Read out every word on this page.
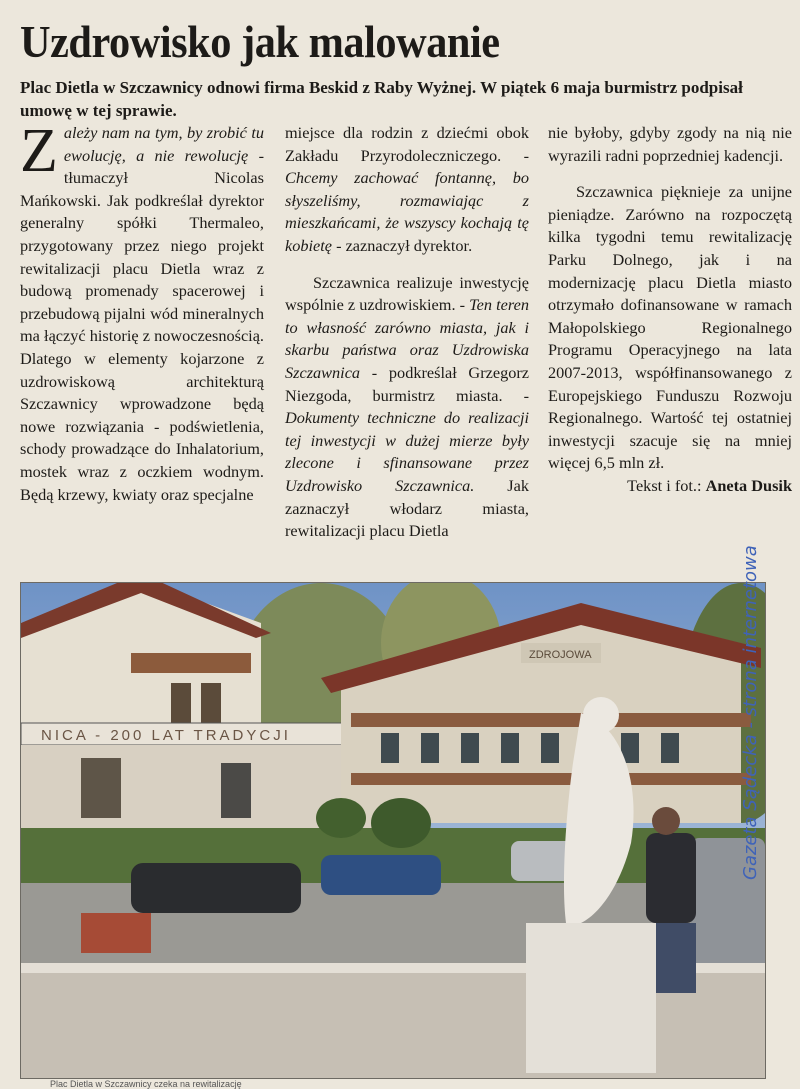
Uzdrowisko jak malowanie

Plac Dietla w Szczawnicy odnowi firma Beskid z Raby Wyżnej. W piątek 6 maja burmistrz podpisał umowę w tej sprawie.

Zależy nam na tym, by zrobić tu ewolucję, a nie rewolucję - tłumaczył Nicolas Mańkowski. Jak podkreślał dyrektor generalny spółki Thermaleo, przygotowany przez niego projekt rewitalizacji placu Dietla wraz z budową promenady spacerowej i przebudową pijalni wód mineralnych ma łączyć historię z nowoczesnością. Dlatego w elementy kojarzone z uzdrowiskową architekturą Szczawnicy wprowadzone będą nowe rozwiązania - podświetlenia, schody prowadzące do Inhalatorium, mostek wraz z oczkiem wodnym. Będą krzewy, kwiaty oraz specjalne

miejsce dla rodzin z dziećmi obok Zakładu Przyrodoleczniczego. - Chcemy zachować fontannę, bo słyszeliśmy, rozmawiając z mieszkańcami, że wszyscy kochają tę kobietę - zaznaczył dyrektor.

Szczawnica realizuje inwestycję wspólnie z uzdrowiskiem. - Ten teren to własność zarówno miasta, jak i skarbu państwa oraz Uzdrowiska Szczawnica - podkreślał Grzegorz Niezgoda, burmistrz miasta. - Dokumenty techniczne do realizacji tej inwestycji w dużej mierze były zlecone i sfinansowane przez Uzdrowisko Szczawnica. Jak zaznaczył włodarz miasta, rewitalizacji placu Dietla

nie byłoby, gdyby zgody na nią nie wyrazili radni poprzedniej kadencji.

Szczawnica pięknieje za unijne pieniądze. Zarówno na rozpoczętą kilka tygodni temu rewitalizację Parku Dolnego, jak i na modernizację placu Dietla miasto otrzymało dofinansowane w ramach Małopolskiego Regionalnego Programu Operacyjnego na lata 2007-2013, współfinansowanego z Europejskiego Funduszu Rozwoju Regionalnego. Wartość tej ostatniej inwestycji szacuje się na mniej więcej 6,5 mln zł.

Tekst i fot.: Aneta Dusik

NICA - 200 LAT TRADYCJI
ZDROJOWA
Plac Dietla w Szczawnicy czeka na rewitalizację
Gazeta Sądecka - strona internetowa
